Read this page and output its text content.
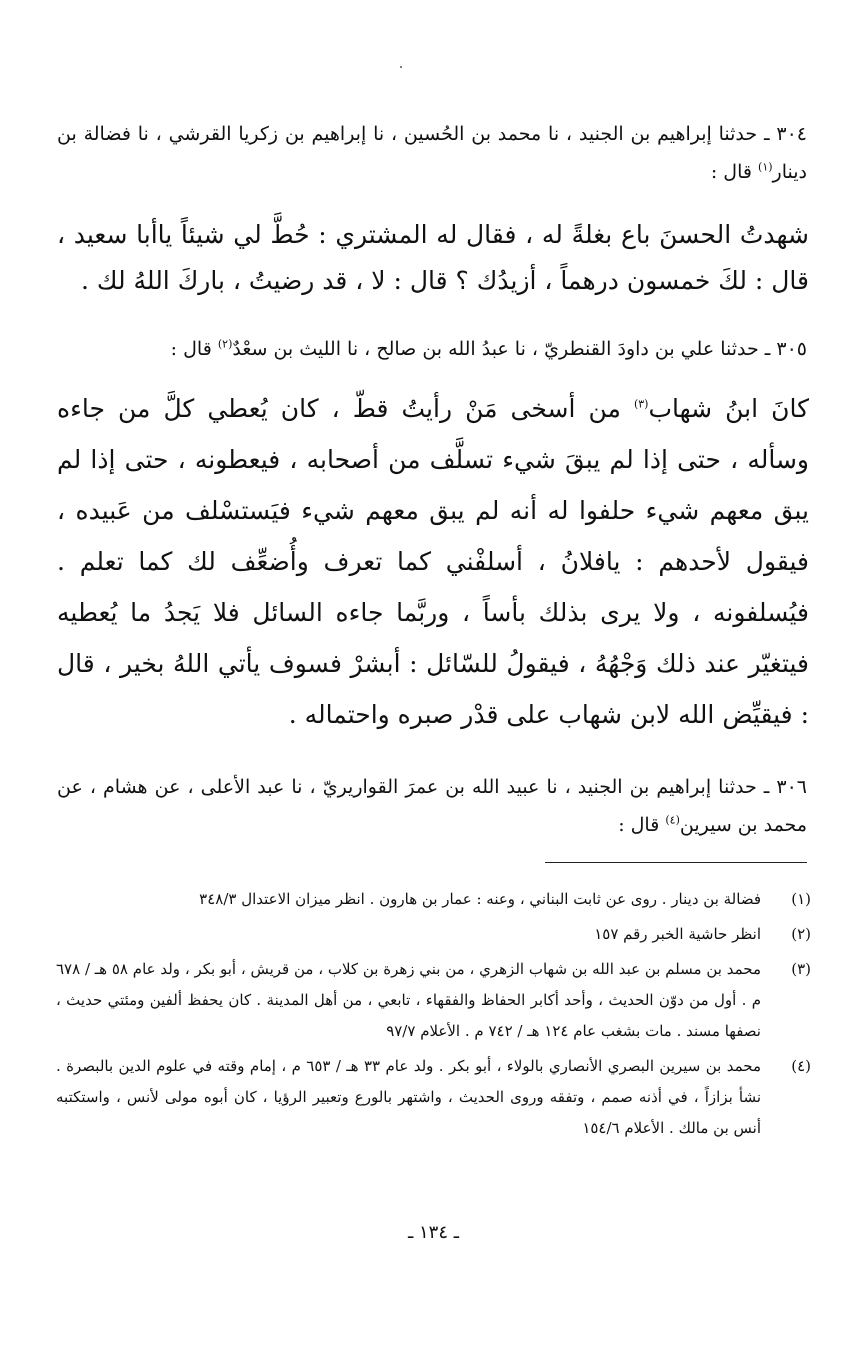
٣٠٤ ـ حدثنا إبراهيم بن الجنيد ، نا محمد بن الحُسين ، نا إبراهيم بن زكريا القرشي ، نا فضالة بن دينار$^{(١)}$ قال :
شهدتُ الحسنَ باع بغلةً له ، فقال له المشتري : حُطَّ لي شيئاً ياأبا سعيد ، قال : لكَ خمسون درهماً ، أزيدُك ؟ قال : لا ، قد رضيتُ ، باركَ اللهُ لك .
٣٠٥ ـ حدثنا علي بن داودَ القنطريّ ، نا عبدُ الله بن صالح ، نا الليث بن سعْدٌ$^{(٢)}$ قال :
كانَ ابنُ شهاب$^{(٣)}$ من أسخى مَنْ رأيتُ قطّ ، كان يُعطي كلَّ من جاءه وسأله ، حتى إذا لم يبقَ شيء تسلَّف من أصحابه ، فيعطونه ، حتى إذا لم يبق معهم شيء حلفوا له أنه لم يبق معهم شيء فيَستسْلف من عَبيده ، فيقول لأحدهم : يافلانُ ، أسلفْني كما تعرف وأُضعِّف لك كما تعلم . فيُسلفونه ، ولا يرى بذلك بأساً ، وربَّما جاءه السائل فلا يَجدُ ما يُعطيه فيتغيّر عند ذلك وَجْهُهُ ، فيقولُ للسّائل : أبشرْ فسوف يأتي اللهُ بخير ، قال : فيقيِّض الله لابن شهاب على قدْر صبره واحتماله .
٣٠٦ ـ حدثنا إبراهيم بن الجنيد ، نا عبيد الله بن عمرَ القواريريّ ، نا عبد الأعلى ، عن هشام ، عن محمد بن سيرين$^{(٤)}$ قال :
(١)
فضالة بن دينار . روى عن ثابت البناني ، وعنه : عمار بن هارون . انظر ميزان الاعتدال ٣٤٨/٣
(٢)
انظر حاشية الخبر رقم ١٥٧
(٣)
محمد بن مسلم بن عبد الله بن شهاب الزهري ، من بني زهرة بن كلاب ، من قريش ، أبو بكر ، ولد عام ٥٨ هـ / ٦٧٨ م . أول من دوّن الحديث ، وأحد أكابر الحفاظ والفقهاء ، تابعي ، من أهل المدينة . كان يحفظ ألفين ومئتي حديث ، نصفها مسند . مات بشغب عام ١٢٤ هـ / ٧٤٢ م . الأعلام ٩٧/٧
(٤)
محمد بن سيرين البصري الأنصاري بالولاء ، أبو بكر . ولد عام ٣٣ هـ / ٦٥٣ م ، إمام وقته في علوم الدين بالبصرة . نشأ بزازاً ، في أذنه صمم ، وتفقه وروى الحديث ، واشتهر بالورع وتعبير الرؤيا ، كان أبوه مولى لأنس ، واستكتبه أنس بن مالك . الأعلام ١٥٤/٦
ـ ١٣٤ ـ
